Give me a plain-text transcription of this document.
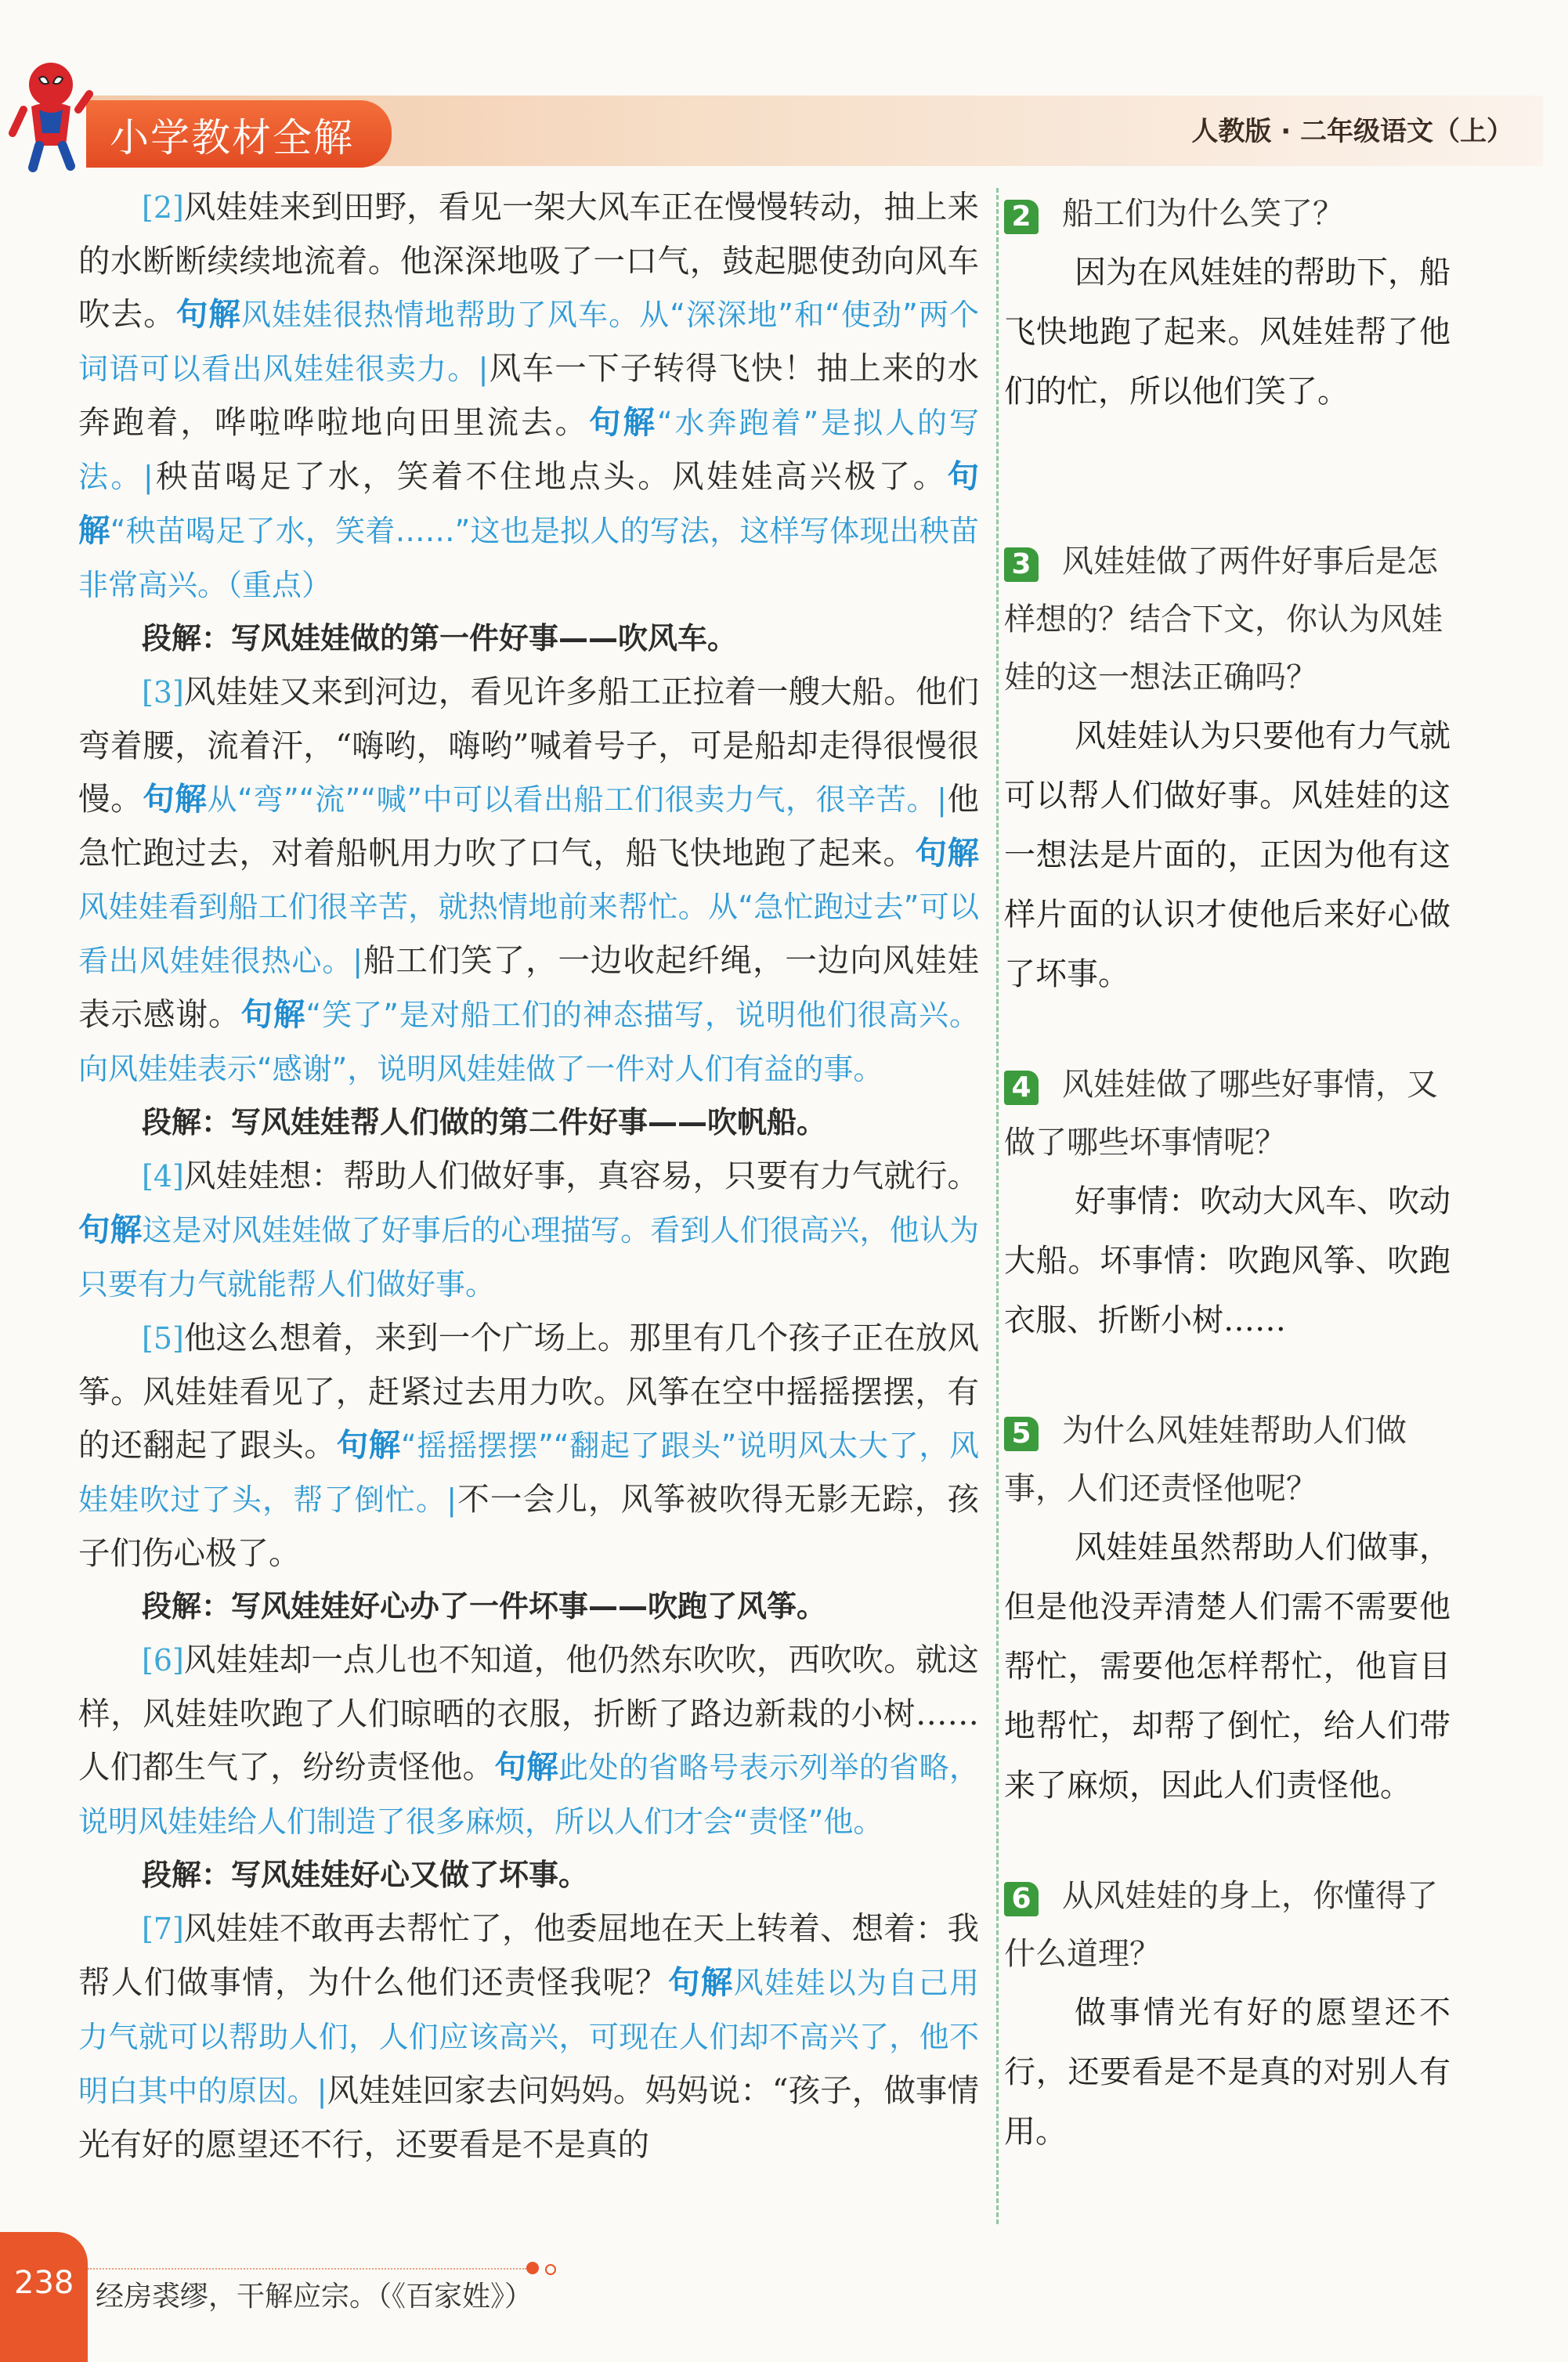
小学教材全解	人教版 · 二年级语文（上）

[2]风娃娃来到田野，看见一架大风车正在慢慢转动，抽上来的水断断续续地流着。他深深地吸了一口气，鼓起腮使劲向风车吹去。句解风娃娃很热情地帮助了风车。从“深深地”和“使劲”两个词语可以看出风娃娃很卖力。|风车一下子转得飞快！抽上来的水奔跑着，哗啦哗啦地向田里流去。句解“水奔跑着”是拟人的写法。|秧苗喝足了水，笑着不住地点头。风娃娃高兴极了。句解“秧苗喝足了水，笑着……”这也是拟人的写法，这样写体现出秧苗非常高兴。（重点）

段解：写风娃娃做的第一件好事——吹风车。

[3]风娃娃又来到河边，看见许多船工正拉着一艘大船。他们弯着腰，流着汗，“嗨哟，嗨哟”喊着号子，可是船却走得很慢很慢。句解从“弯”“流”“喊”中可以看出船工们很卖力气，很辛苦。|他急忙跑过去，对着船帆用力吹了口气，船飞快地跑了起来。句解风娃娃看到船工们很辛苦，就热情地前来帮忙。从“急忙跑过去”可以看出风娃娃很热心。|船工们笑了，一边收起纤绳，一边向风娃娃表示感谢。句解“笑了”是对船工们的神态描写，说明他们很高兴。向风娃娃表示“感谢”，说明风娃娃做了一件对人们有益的事。

段解：写风娃娃帮人们做的第二件好事——吹帆船。

[4]风娃娃想：帮助人们做好事，真容易，只要有力气就行。句解这是对风娃娃做了好事后的心理描写。看到人们很高兴，他认为只要有力气就能帮人们做好事。

[5]他这么想着，来到一个广场上。那里有几个孩子正在放风筝。风娃娃看见了，赶紧过去用力吹。风筝在空中摇摇摆摆，有的还翻起了跟头。句解“摇摇摆摆”“翻起了跟头”说明风太大了，风娃娃吹过了头，帮了倒忙。|不一会儿，风筝被吹得无影无踪，孩子们伤心极了。

段解：写风娃娃好心办了一件坏事——吹跑了风筝。

[6]风娃娃却一点儿也不知道，他仍然东吹吹，西吹吹。就这样，风娃娃吹跑了人们晾晒的衣服，折断了路边新栽的小树……人们都生气了，纷纷责怪他。句解此处的省略号表示列举的省略，说明风娃娃给人们制造了很多麻烦，所以人们才会“责怪”他。

段解：写风娃娃好心又做了坏事。

[7]风娃娃不敢再去帮忙了，他委屈地在天上转着、想着：我帮人们做事情，为什么他们还责怪我呢？句解风娃娃以为自己用力气就可以帮助人们，人们应该高兴，可现在人们却不高兴了，他不明白其中的原因。|风娃娃回家去问妈妈。妈妈说：“孩子，做事情光有好的愿望还不行，还要看是不是真的

2 船工们为什么笑了？

因为在风娃娃的帮助下，船飞快地跑了起来。风娃娃帮了他们的忙，所以他们笑了。

3 风娃娃做了两件好事后是怎样想的？结合下文，你认为风娃娃的这一想法正确吗？

风娃娃认为只要他有力气就可以帮人们做好事。风娃娃的这一想法是片面的，正因为他有这样片面的认识才使他后来好心做了坏事。

4 风娃娃做了哪些好事情，又做了哪些坏事情呢？

好事情：吹动大风车、吹动大船。坏事情：吹跑风筝、吹跑衣服、折断小树……

5 为什么风娃娃帮助人们做事，人们还责怪他呢？

风娃娃虽然帮助人们做事，但是他没弄清楚人们需不需要他帮忙，需要他怎样帮忙，他盲目地帮忙，却帮了倒忙，给人们带来了麻烦，因此人们责怪他。

6 从风娃娃的身上，你懂得了什么道理？

做事情光有好的愿望还不行，还要看是不是真的对别人有用。

238 经房裘缪，干解应宗。（《百家姓》）
